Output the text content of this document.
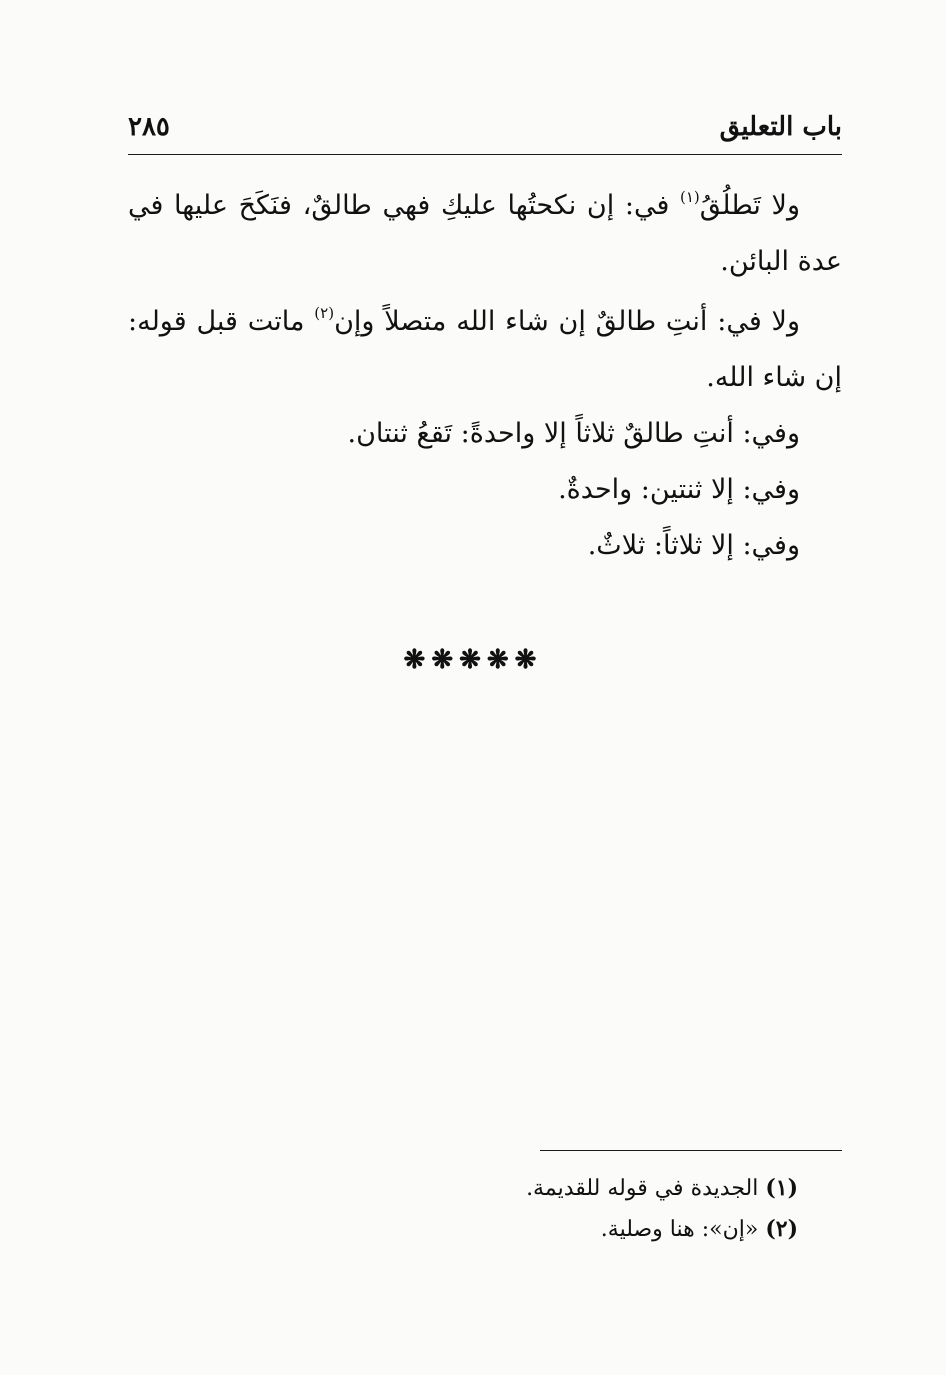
باب التعليق
٢٨٥

ولا تَطلُقُ$^{(١)}$ في: إن نكحتُها عليكِ فهي طالقٌ، فنَكَحَ عليها في عدة البائن.

ولا في: أنتِ طالقٌ إن شاء الله متصلاً وإن$^{(٢)}$ ماتت قبل قوله: إن شاء الله.

وفي: أنتِ طالقٌ ثلاثاً إلا واحدةً: تَقعُ ثنتان.

وفي: إلا ثنتين: واحدةٌ.

وفي: إلا ثلاثاً: ثلاثٌ.

❋❋❋❋❋

(١) الجديدة في قوله للقديمة.

(٢) «إن»: هنا وصلية.
